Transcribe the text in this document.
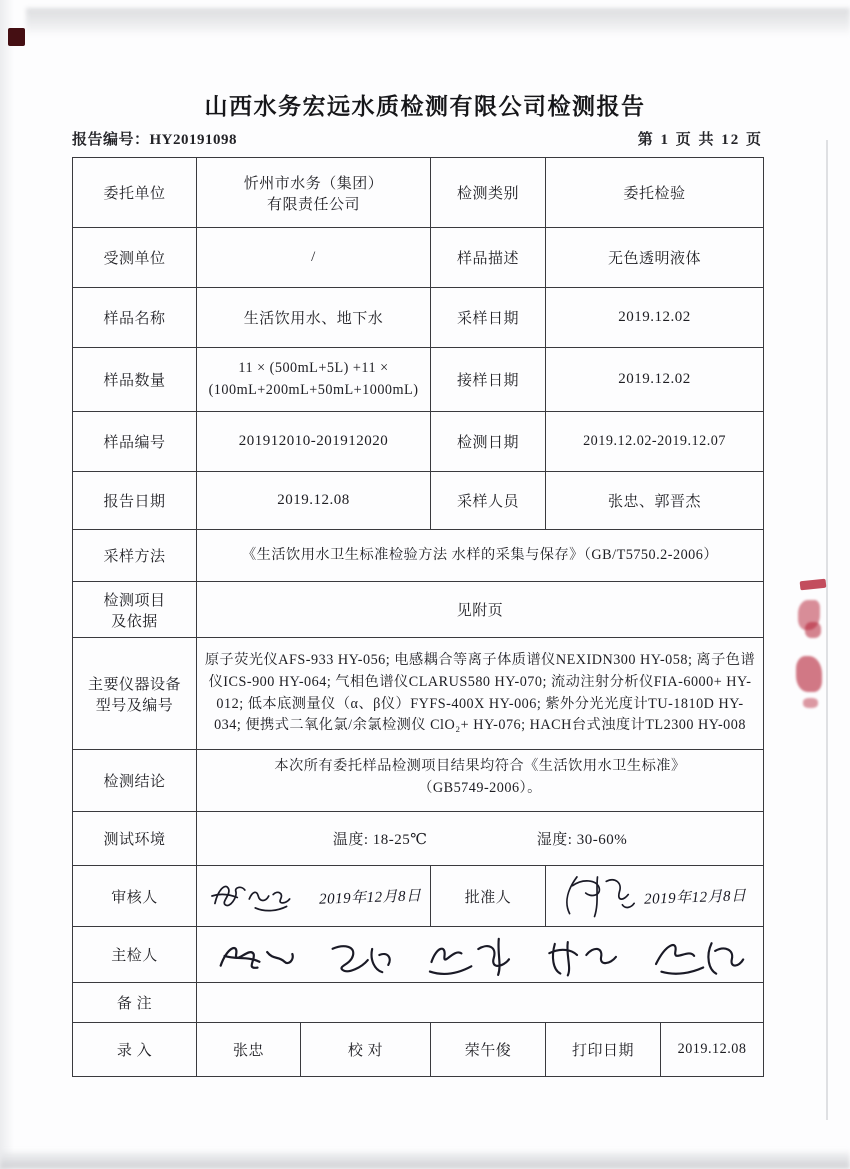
山西水务宏远水质检测有限公司检测报告
报告编号：HY20191098	第 1 页 共 12 页
委托单位	忻州市水务（集团）
有限责任公司		检测类别	委托检验	
受测单位	/		样品描述	无色透明液体	
样品名称	生活饮用水、地下水		采样日期	2019.12.02	
样品数量	11 × (500mL+5L) +11 ×
(100mL+200mL+50mL+1000mL)		接样日期	2019.12.02	
样品编号	201912010-201912020		检测日期	2019.12.02-2019.12.07	
报告日期	2019.12.08		采样人员	张忠、郭晋杰	
采样方法	《生活饮用水卫生标准检验方法 水样的采集与保存》（GB/T5750.2-2006）				
检测项目
及依据	见附页				
主要仪器设备
型号及编号	原子荧光仪AFS-933 HY-056; 电感耦合等离子体质谱仪NEXIDN300 HY-058; 离子色谱仪ICS-900 HY-064; 气相色谱仪CLARUS580 HY-070; 流动注射分析仪FIA-6000+ HY-012; 低本底测量仪（α、β仪）FYFS-400X HY-006; 紫外分光光度计TU-1810D HY-034; 便携式二氧化氯/余氯检测仪 ClO₂+ HY-076; HACH台式浊度计TL2300 HY-008				
检测结论	本次所有委托样品检测项目结果均符合《生活饮用水卫生标准》
（GB5749-2006）。				
测试环境	温度: 18-25℃ 湿度: 30-60%				
审核人	2019年12月8日		批准人	2019年12月8日	

主检人	

备 注					
录 入	张忠	校 对	荣午俊	打印日期	2019.12.08
